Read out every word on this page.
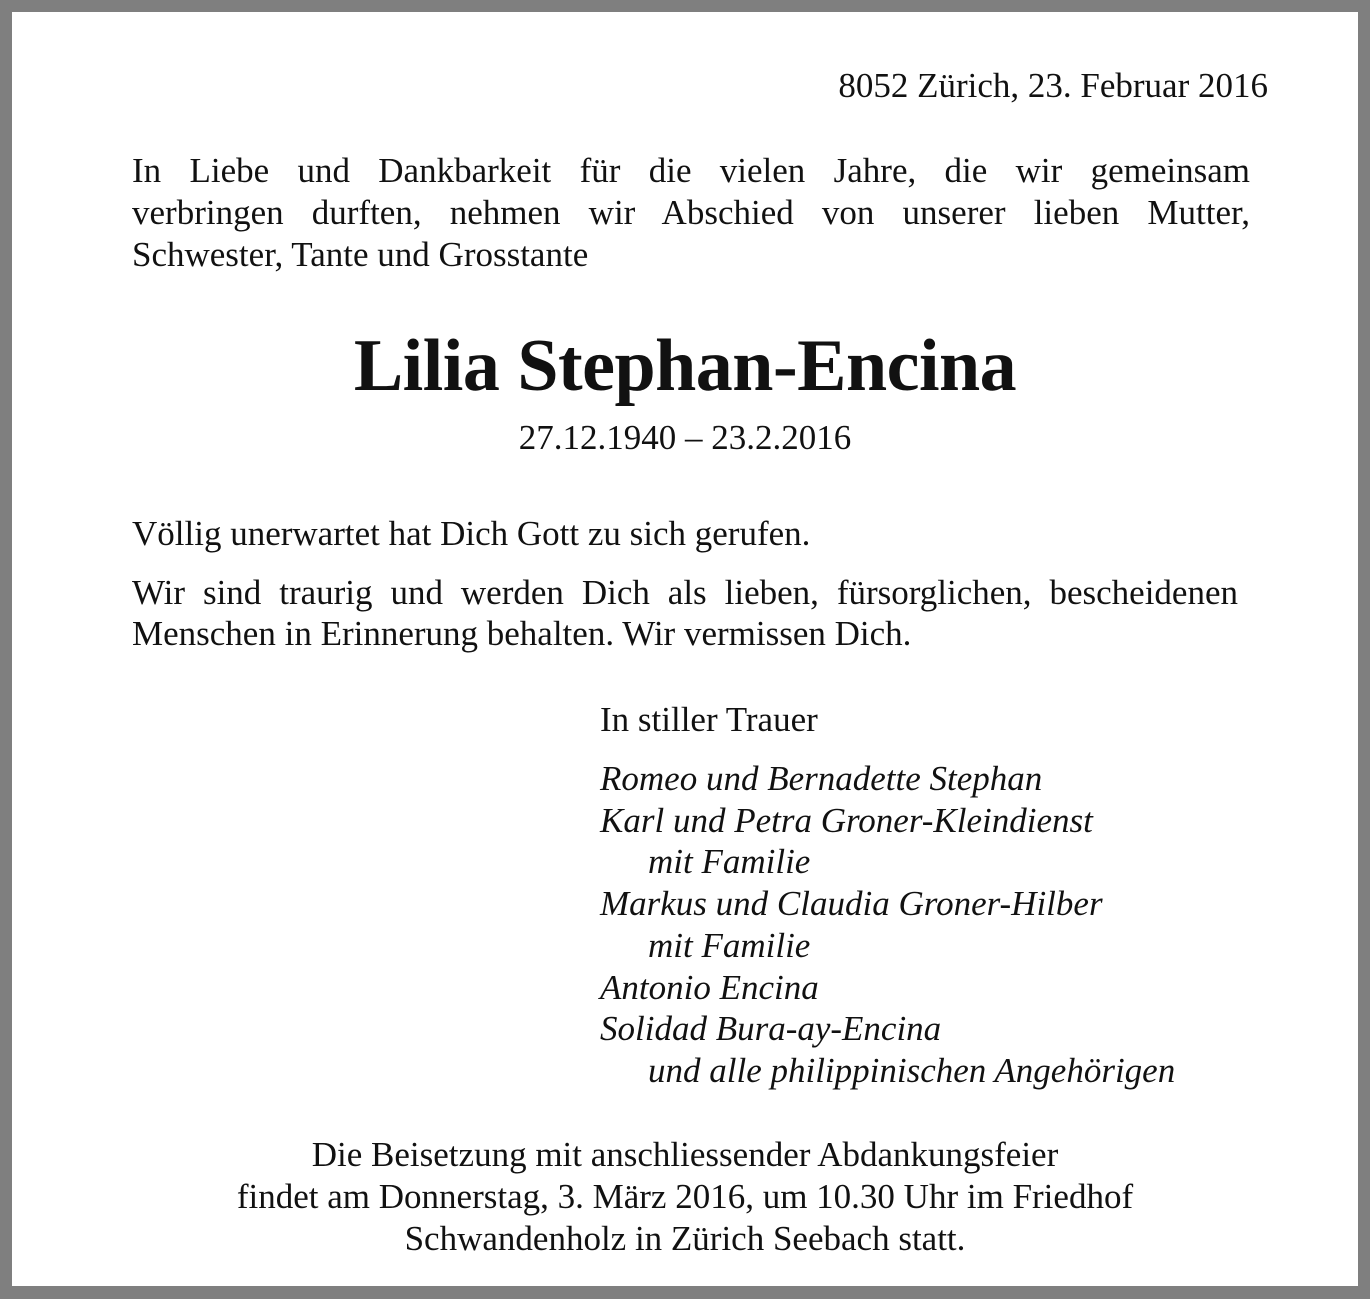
8052 Zürich, 23. Februar 2016
In Liebe und Dankbarkeit für die vielen Jahre, die wir gemeinsam
verbringen durften, nehmen wir Abschied von unserer lieben Mutter,
Schwester, Tante und Grosstante
Lilia Stephan-Encina
27.12.1940 – 23.2.2016
Völlig unerwartet hat Dich Gott zu sich gerufen.
Wir sind traurig und werden Dich als lieben, fürsorglichen, bescheidenen
Menschen in Erinnerung behalten. Wir vermissen Dich.
In stiller Trauer
Romeo und Bernadette Stephan
Karl und Petra Groner-Kleindienst
mit Familie
Markus und Claudia Groner-Hilber
mit Familie
Antonio Encina
Solidad Bura-ay-Encina
und alle philippinischen Angehörigen
Die Beisetzung mit anschliessender Abdankungsfeier
findet am Donnerstag, 3. März 2016, um 10.30 Uhr im Friedhof
Schwandenholz in Zürich Seebach statt.
